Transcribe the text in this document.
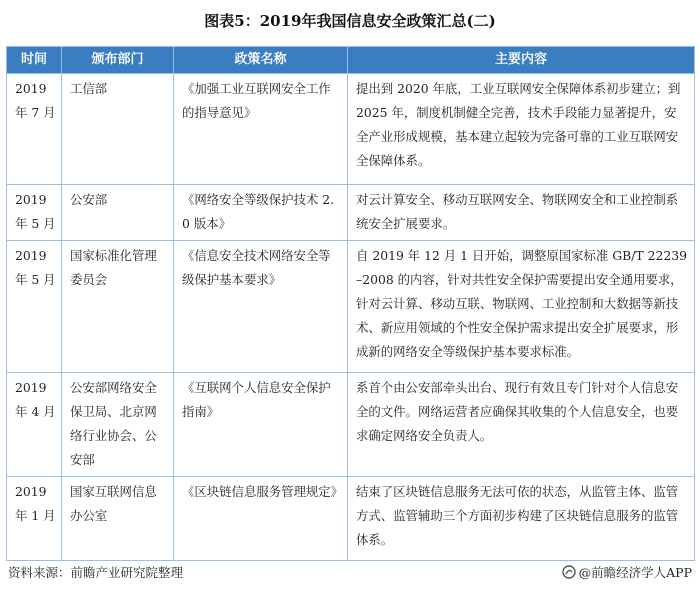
图表5：2019年我国信息安全政策汇总(二)
时间	颁布部门	政策名称	主要内容

2019
年 7 月	工信部	《加强工业互联网安全工作的指导意见》	提出到 2020 年底，工业互联网安全保障体系初步建立；到 2025 年，制度机制健全完善，技术手段能力显著提升，安全产业形成规模，基本建立起较为完备可靠的工业互联网安全保障体系。

2019
年 5 月	公安部	《网络安全等级保护技术 2.0 版本》	对云计算安全、移动互联网安全、物联网安全和工业控制系统安全扩展要求。

2019
年 5 月	国家标准化管理委员会	《信息安全技术网络安全等级保护基本要求》	自 2019 年 12 月 1 日开始，调整原国家标准 GB/T 22239–2008 的内容，针对共性安全保护需要提出安全通用要求，针对云计算、移动互联、物联网、工业控制和大数据等新技术、新应用领域的个性安全保护需求提出安全扩展要求，形成新的网络安全等级保护基本要求标准。

2019
年 4 月	公安部网络安全保卫局、北京网络行业协会、公安部	《互联网个人信息安全保护指南》	系首个由公安部牵头出台、现行有效且专门针对个人信息安全的文件。网络运营者应确保其收集的个人信息安全，也要求确定网络安全负责人。

2019
年 1 月	国家互联网信息办公室	《区块链信息服务管理规定》	结束了区块链信息服务无法可依的状态，从监管主体、监管方式、监管辅助三个方面初步构建了区块链信息服务的监管体系。
资料来源：前瞻产业研究院整理	@前瞻经济学人APP
